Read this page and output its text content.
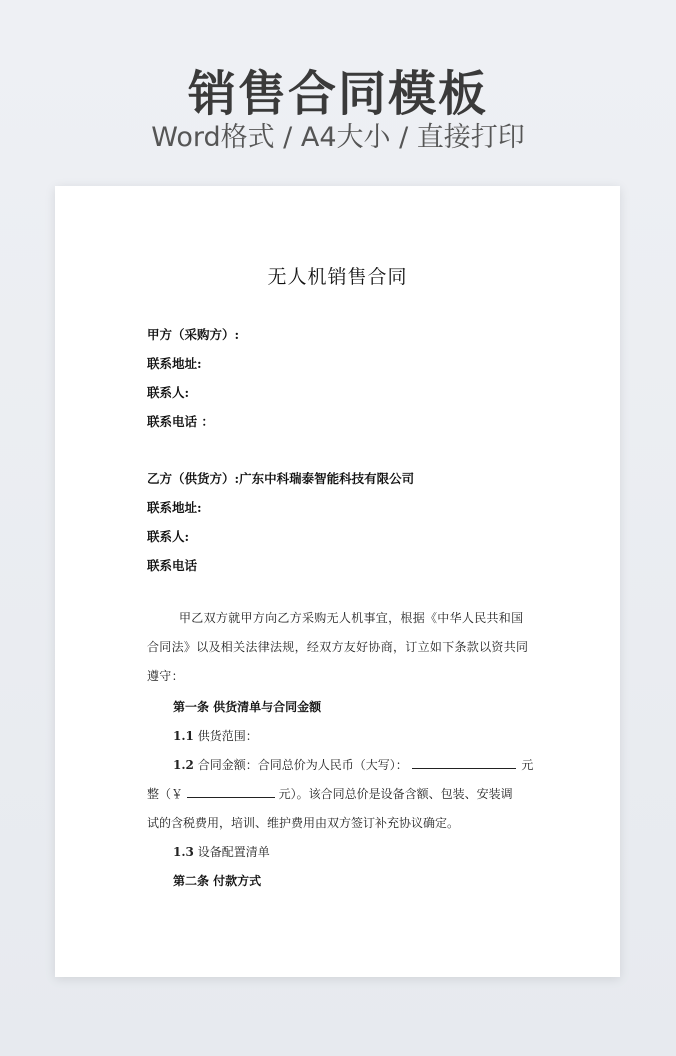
销售合同模板
Word格式 / A4大小 / 直接打印
无人机销售合同
甲方（采购方）:
联系地址:
联系人:
联系电话 ：
乙方（供货方）:广东中科瑞泰智能科技有限公司
联系地址:
联系人:
联系电话
甲乙双方就甲方向乙方采购无人机事宜，根据《中华人民共和国合同法》以及相关法律法规，经双方友好协商，订立如下条款以资共同遵守：
第一条 供货清单与合同金额
1.1 供货范围：
1.2 合同金额：合同总价为人民币（大写）：	元
整（￥	元）。该合同总价是设备含额、包装、安装调
试的含税费用，培训、维护费用由双方签订补充协议确定。
1.3 设备配置清单
第二条 付款方式
